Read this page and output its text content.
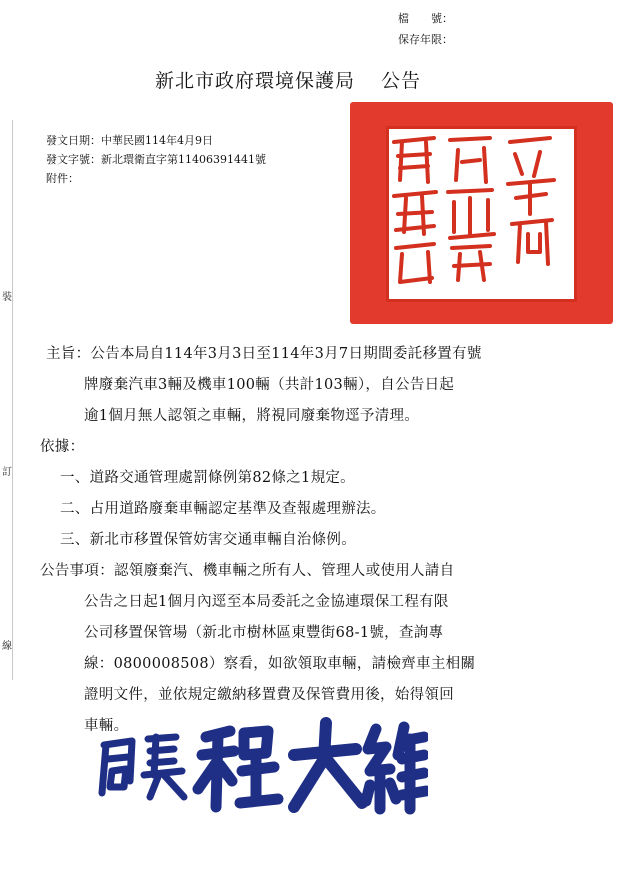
檔　　號：
保存年限：
新北市政府環境保護局 公告
裝
訂
線
發文日期：中華民國114年4月9日
發文字號：新北環衛直字第11406391441號
附件：
主旨：公告本局自114年3月3日至114年3月7日期間委託移置有號
牌廢棄汽車3輛及機車100輛（共計103輛），自公告日起
逾1個月無人認領之車輛，將視同廢棄物逕予清理。
依據：
一、道路交通管理處罰條例第82條之1規定。
二、占用道路廢棄車輛認定基準及查報處理辦法。
三、新北市移置保管妨害交通車輛自治條例。
公告事項：認領廢棄汽、機車輛之所有人、管理人或使用人請自
公告之日起1個月內逕至本局委託之金協連環保工程有限
公司移置保管場（新北市樹林區東豐街68-1號，查詢專
線：0800008508）察看，如欲領取車輛，請檢齊車主相關
證明文件，並依規定繳納移置費及保管費用後，始得領回
車輛。
